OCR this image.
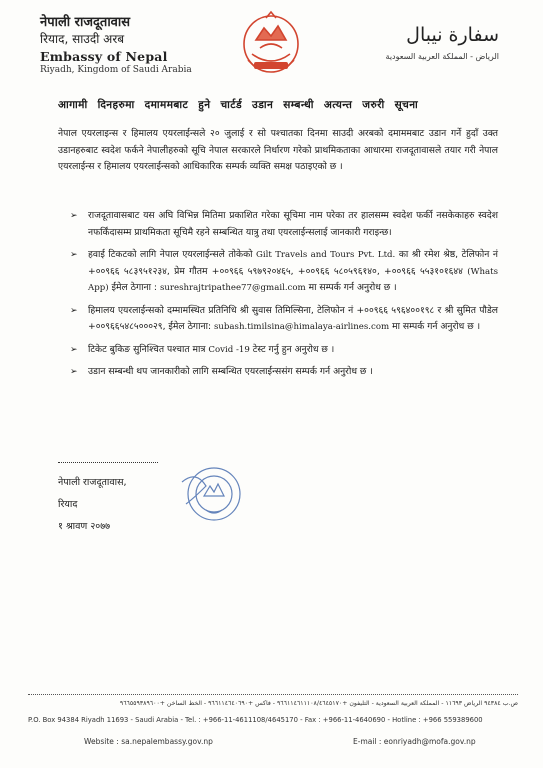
नेपाली राजदूतावास
रियाद, साउदी अरब
Embassy of Nepal
Riyadh, Kingdom of Saudi Arabia
سفارة نيبال
الرياض - المملكة العربية السعودية
आगामी दिनहरुमा दमाममबाट हुने चार्टर्ड उडान सम्बन्धी अत्यन्त जरुरी सूचना
नेपाल एयरलाइन्स र हिमालय एयरलाईन्सले २० जुलाई र सो पश्चातका दिनमा साउदी अरबको दमाममबाट उडान गर्ने हुदाँ उक्त उडानहरुबाट स्वदेश फर्कने नेपालीहरुको सूचि नेपाल सरकारले निर्धारण गरेको प्राथमिकताका आधारमा राजदूतावासले तयार गरी नेपाल एयरलाईन्स र हिमालय एयरलाईन्सको आधिकारिक सम्पर्क व्यक्ति समक्ष पठाइएको छ ।
➢ राजदूतावासबाट यस अघि विभिन्न मितिमा प्रकाशित गरेका सूचिमा नाम परेका तर हालसम्म स्वदेश फर्की नसकेकाहरु स्वदेश नफर्किंदासम्म प्राथमिकता सूचिमै रहने सम्बन्धित यात्रु तथा एयरलाईन्सलाई जानकारी गराइन्छ।
➢ हवाई टिकटको लागि नेपाल एयरलाईन्सले तोकेको Gilt Travels and Tours Pvt. Ltd. का श्री रमेश श्रेष्ठ, टेलिफोन नं +००९६६ ५८३९५१२३४, प्रेम गौतम +००९६६ ५९७९२०४६५, +००९६६ ५८०५९६१४०, +००९६६ ५५३१०१६४४ (Whats App) ईमेल ठेगाना : sureshrajtripathee77@gmail.com मा सम्पर्क गर्न अनुरोध छ ।
➢ हिमालय एयरलाईन्सको दम्मामस्थित प्रतिनिधि श्री सुवास तिमिल्सिना, टेलिफोन नं +००९६६ ५९६४००१९८ र श्री सुमित पौडेल +००९६६५४८५०००२९, ईमेल ठेगाना: subash.timilsina@himalaya-airlines.com मा सम्पर्क गर्न अनुरोध छ ।
➢ टिकेट बुकिङ सुनिश्चित पश्चात मात्र Covid -19 टेस्ट गर्नु हुन अनुरोध छ ।
➢ उडान सम्बन्धी थप जानकारीको लागि सम्बन्धित एयरलाईन्ससंग सम्पर्क गर्न अनुरोध छ ।
नेपाली राजदूतावास,
रियाद
१ श्रावण २०७७
ص.ب ٩٤٣٨٤ الرياض ١١٦٩٣ - المملكة العربية السعودية - التليفون +٩٦٦١١٤٦١١١٠٨/٤٦٤٥١٧٠ - فاكس +٩٦٦١١٤٦٤٠٦٩٠ - الخط الساخن +٩٦٦٥٥٩٣٨٩٦٠٠
P.O. Box 94384 Riyadh 11693 - Saudi Arabia - Tel. : +966-11-4611108/4645170 - Fax : +966-11-4640690 - Hotline : +966 559389600
Website : sa.nepalembassy.gov.np	E-mail : eonriyadh@mofa.gov.np
